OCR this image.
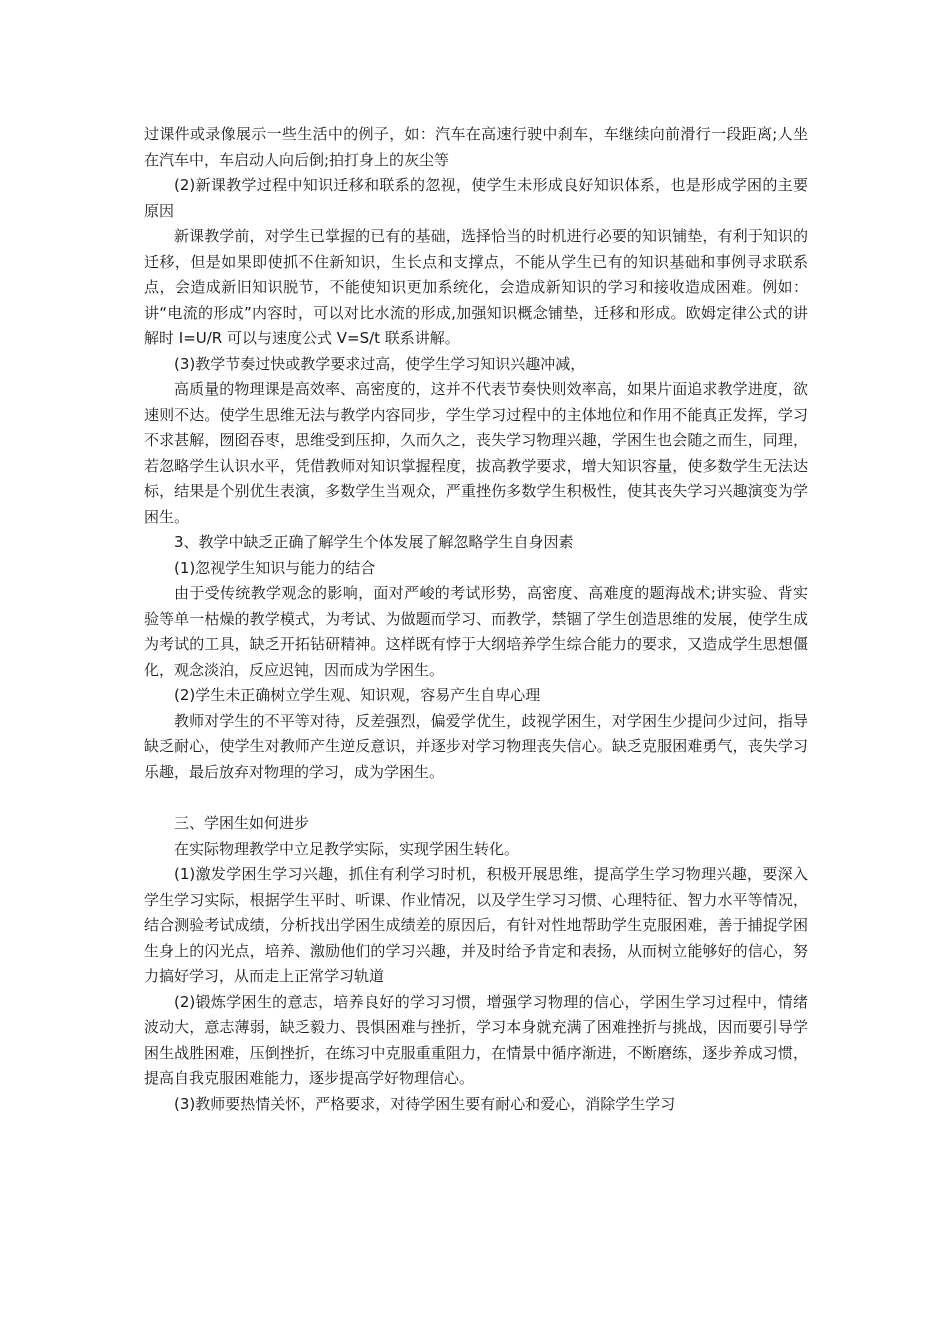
过课件或录像展示一些生活中的例子，如：汽车在高速行驶中刹车，车继续向前滑行一段距离;人坐在汽车中，车启动人向后倒;拍打身上的灰尘等

(2)新课教学过程中知识迁移和联系的忽视，使学生未形成良好知识体系，也是形成学困的主要原因

新课教学前，对学生已掌握的已有的基础，选择恰当的时机进行必要的知识铺垫，有利于知识的迁移，但是如果即使抓不住新知识，生长点和支撑点，不能从学生已有的知识基础和事例寻求联系点，会造成新旧知识脱节，不能使知识更加系统化，会造成新知识的学习和接收造成困难。例如：讲“电流的形成”内容时，可以对比水流的形成,加强知识概念铺垫，迁移和形成。欧姆定律公式的讲解时 I=U/R 可以与速度公式 V=S/t 联系讲解。

(3)教学节奏过快或教学要求过高，使学生学习知识兴趣冲减，

高质量的物理课是高效率、高密度的，这并不代表节奏快则效率高，如果片面追求教学进度，欲速则不达。使学生思维无法与教学内容同步，学生学习过程中的主体地位和作用不能真正发挥，学习不求甚解，囫囵吞枣，思维受到压抑，久而久之，丧失学习物理兴趣，学困生也会随之而生，同理，若忽略学生认识水平，凭借教师对知识掌握程度，拔高教学要求，增大知识容量，使多数学生无法达标，结果是个别优生表演，多数学生当观众，严重挫伤多数学生积极性，使其丧失学习兴趣演变为学困生。

3、教学中缺乏正确了解学生个体发展了解忽略学生自身因素

(1)忽视学生知识与能力的结合

由于受传统教学观念的影响，面对严峻的考试形势，高密度、高难度的题海战术;讲实验、背实验等单一枯燥的教学模式，为考试、为做题而学习、而教学，禁锢了学生创造思维的发展，使学生成为考试的工具，缺乏开拓钻研精神。这样既有悖于大纲培养学生综合能力的要求，又造成学生思想僵化，观念淡泊，反应迟钝，因而成为学困生。

(2)学生未正确树立学生观、知识观，容易产生自卑心理

教师对学生的不平等对待，反差强烈，偏爱学优生，歧视学困生，对学困生少提问少过问，指导缺乏耐心，使学生对教师产生逆反意识，并逐步对学习物理丧失信心。缺乏克服困难勇气，丧失学习乐趣，最后放弃对物理的学习，成为学困生。

三、学困生如何进步

在实际物理教学中立足教学实际，实现学困生转化。

(1)激发学困生学习兴趣，抓住有利学习时机，积极开展思维，提高学生学习物理兴趣，要深入学生学习实际，根据学生平时、听课、作业情况，以及学生学习习惯、心理特征、智力水平等情况，结合测验考试成绩，分析找出学困生成绩差的原因后，有针对性地帮助学生克服困难，善于捕捉学困生身上的闪光点，培养、激励他们的学习兴趣，并及时给予肯定和表扬，从而树立能够好的信心，努力搞好学习，从而走上正常学习轨道

(2)锻炼学困生的意志，培养良好的学习习惯，增强学习物理的信心，学困生学习过程中，情绪波动大，意志薄弱，缺乏毅力、畏惧困难与挫折，学习本身就充满了困难挫折与挑战，因而要引导学困生战胜困难，压倒挫折，在练习中克服重重阻力，在情景中循序渐进，不断磨练，逐步养成习惯，提高自我克服困难能力，逐步提高学好物理信心。

(3)教师要热情关怀，严格要求，对待学困生要有耐心和爱心，消除学生学习
